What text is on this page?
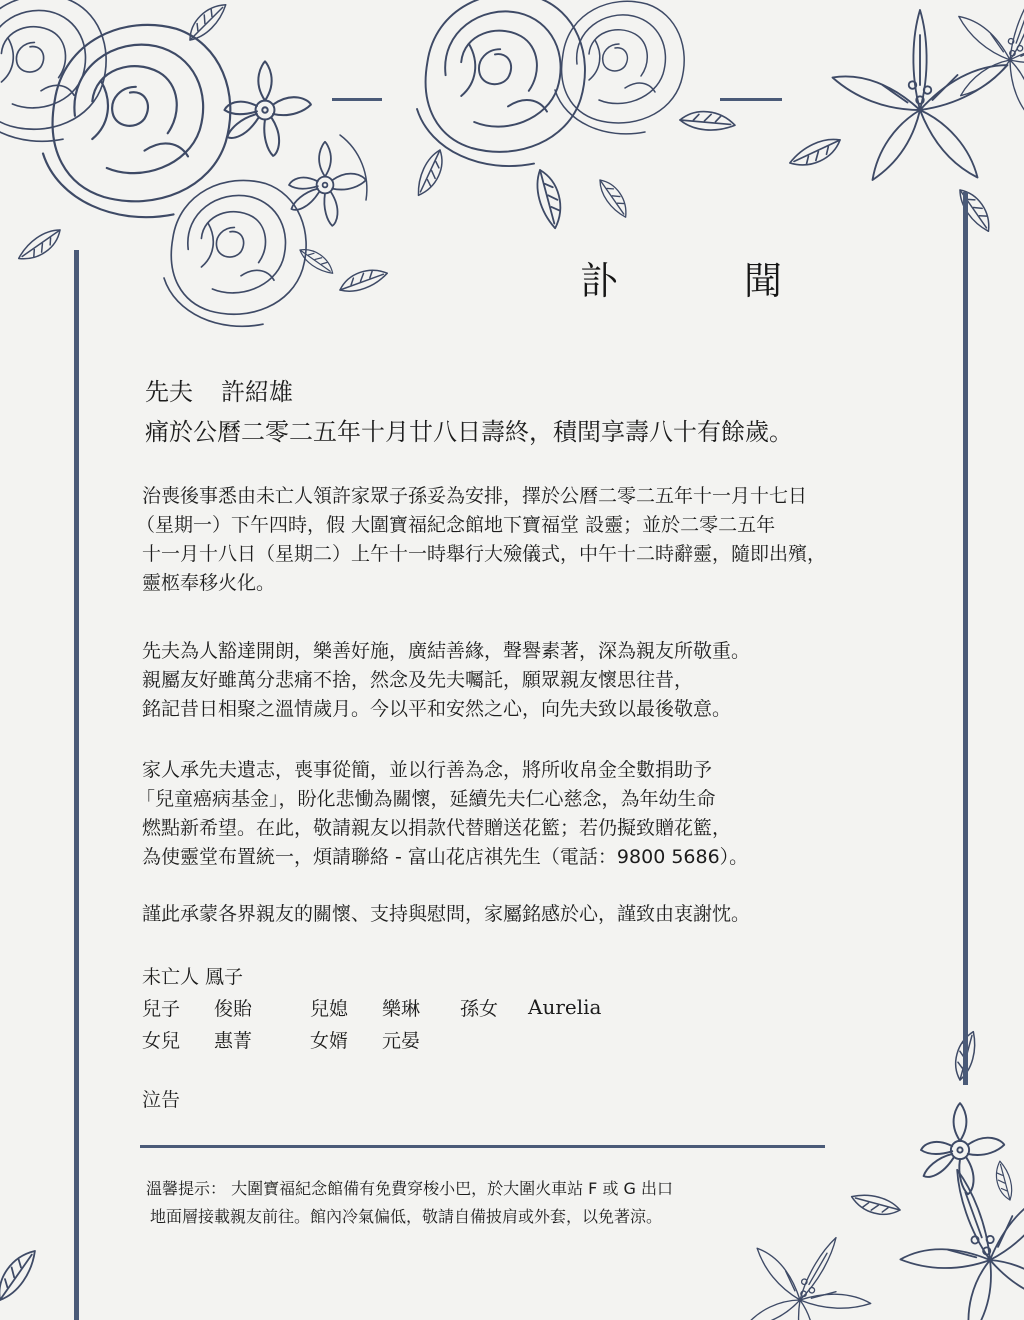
訃　聞
先夫 許紹雄
痛於公曆二零二五年十月廿八日壽終，積閏享壽八十有餘歲。
治喪後事悉由未亡人領許家眾子孫妥為安排，擇於公曆二零二五年十一月十七日
（星期一）下午四時，假 大圍寶福紀念館地下寶福堂 設靈；並於二零二五年
十一月十八日（星期二）上午十一時舉行大殮儀式，中午十二時辭靈，隨即出殯，
靈柩奉移火化。
先夫為人豁達開朗，樂善好施，廣結善緣，聲譽素著，深為親友所敬重。
親屬友好雖萬分悲痛不捨，然念及先夫囑託，願眾親友懷思往昔，
銘記昔日相聚之溫情歲月。今以平和安然之心，向先夫致以最後敬意。
家人承先夫遺志，喪事從簡，並以行善為念，將所收帛金全數捐助予
「兒童癌病基金」，盼化悲慟為關懷，延續先夫仁心慈念，為年幼生命
燃點新希望。在此，敬請親友以捐款代替贈送花籃；若仍擬致贈花籃，
為使靈堂布置統一，煩請聯絡 - 富山花店祺先生（電話：9800 5686）。
謹此承蒙各界親友的關懷、支持與慰問，家屬銘感於心，謹致由衷謝忱。
未亡人 鳳子
兒子 俊貽	兒媳 樂琳 孫女 Aurelia
女兒 惠菁	女婿 元晏
泣告
溫馨提示： 大圍寶福紀念館備有免費穿梭小巴，於大圍火車站 F 或 G 出口
地面層接載親友前往。館內冷氣偏低，敬請自備披肩或外套，以免著涼。
